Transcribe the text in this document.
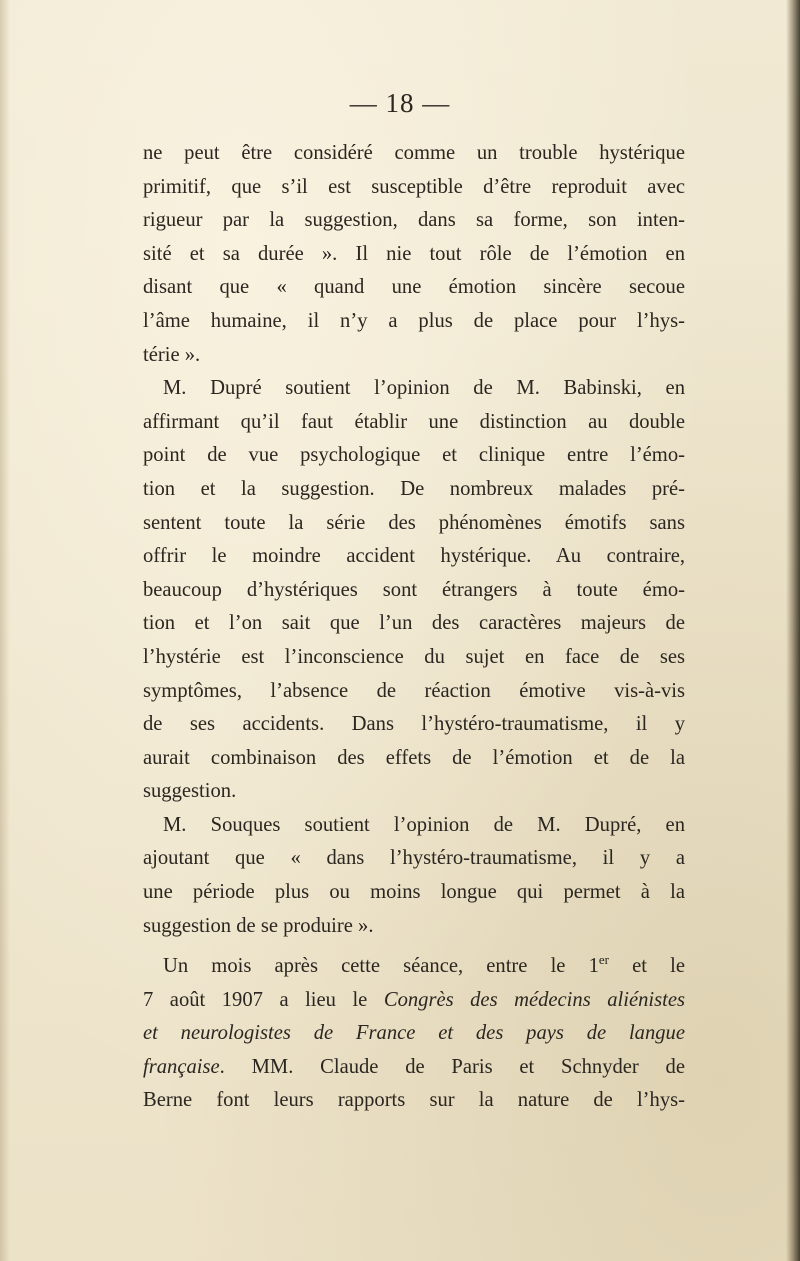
— 18 —
ne peut être considéré comme un trouble hystérique
primitif, que s’il est susceptible d’être reproduit avec
rigueur par la suggestion, dans sa forme, son inten-
sité et sa durée ». Il nie tout rôle de l’émotion en
disant que « quand une émotion sincère secoue
l’âme humaine, il n’y a plus de place pour l’hys-
térie ».
M. Dupré soutient l’opinion de M. Babinski, en
affirmant qu’il faut établir une distinction au double
point de vue psychologique et clinique entre l’émo-
tion et la suggestion. De nombreux malades pré-
sentent toute la série des phénomènes émotifs sans
offrir le moindre accident hystérique. Au contraire,
beaucoup d’hystériques sont étrangers à toute émo-
tion et l’on sait que l’un des caractères majeurs de
l’hystérie est l’inconscience du sujet en face de ses
symptômes, l’absence de réaction émotive vis-à-vis
de ses accidents. Dans l’hystéro-traumatisme, il y
aurait combinaison des effets de l’émotion et de la
suggestion.
M. Souques soutient l’opinion de M. Dupré, en
ajoutant que « dans l’hystéro-traumatisme, il y a
une période plus ou moins longue qui permet à la
suggestion de se produire ».
Un mois après cette séance, entre le 1er et le
7 août 1907 a lieu le Congrès des médecins aliénistes
et neurologistes de France et des pays de langue
française. MM. Claude de Paris et Schnyder de
Berne font leurs rapports sur la nature de l’hys-
